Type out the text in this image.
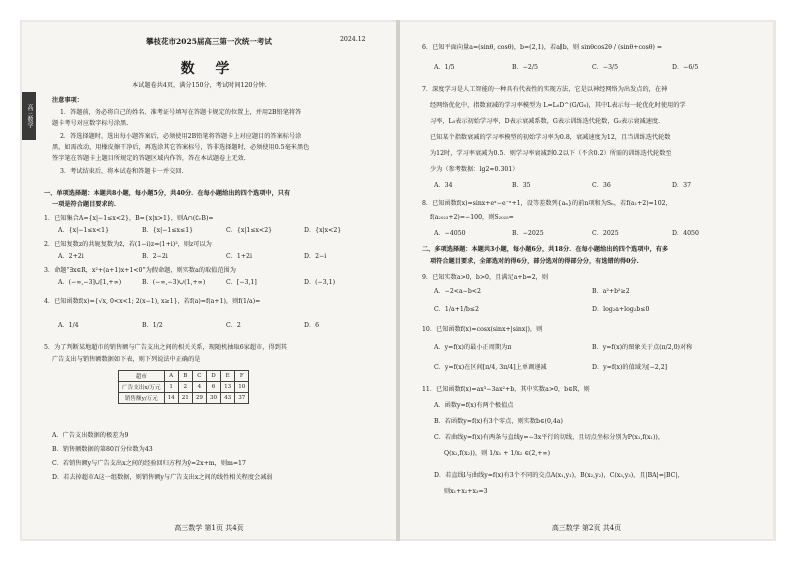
高三数学
攀枝花市2025届高三第一次统一考试	2024.12
数 学
本试题卷共4页，满分150分，考试时间120分钟.
注意事项：
1．答题前，务必将自己的姓名、准考证号填写在答题卡规定的位置上，并用2B铅笔将答
题卡考号对应数字标号涂黑.
2．答选择题时，选出每小题答案后，必须使用2B铅笔将答题卡上对应题目的答案标号涂
黑，如需改动，用橡皮擦干净后，再选涂其它答案标号，答非选择题时，必须使用0.5毫米黑色
签字笔在答题卡上题目所规定的答题区域内作答，答在本试题卷上无效.
3．考试结束后，将本试卷和答题卡一并交回.
一、单项选择题：本题共8小题，每小题5分，共40分．在每小题给出的四个选项中，只有
一项是符合题目要求的.
1．已知集合A={x|−1≤x<2}，B={x|x>1}，则A∩(∁ᵣB)=
A．{x|−1≤x<1}	B．{x|−1≤x≤1}	C．{x|1≤x<2}	D．{x|x<2}
2．已知复数z的共轭复数为z̄，若(1−i)z=(1+i)²，则z可以为
A．2+2i	B．2−2i	C．1+2i	D．2−i
3．命题“∃x∈R，x²+(a+1)x+1<0”为假命题，则实数a的取值范围为
A．(−∞,−3]∪[1,+∞)	B．(−∞,−3)∪(1,+∞)	C．[−3,1]	D．(−3,1)
4．已知函数f(x)={√x, 0<x<1; 2(x−1), x≥1}，若f(a)=f(a+1)，则f(1/a)=
A．1/4	B．1/2	C．2	D．6
5．为了判断某地超市的销售额与广告支出之间的相关关系，现随机抽取6家超市，得到其
广告支出与销售额数据如下表，则下列说法中正确的是
超市	A	B	C	D	E	F
广告支出x/万元	1	2	4	6	13	10
销售额y/万元	14	21	29	30	43	37
A．广告支出数据的极差为9
B．销售额数据的第80百分位数为43
C．若销售额y与广告支出x之间的经验回归方程为ŷ=2x+m，则m=17
D．若去掉超市A这一组数据，则销售额y与广告支出x之间的线性相关程度会减弱
高三数学 第1页 共4页
6．已知平面向量a=(sinθ, cosθ)，b=(2,1)，若a∥b，则 sinθcos2θ / (sinθ+cosθ) =
A．1/5	B．−2/5	C．−3/5	D．−6/5
7．深度学习是人工智能的一种具有代表性的实现方法，它是以神经网络为出发点的，在神
经网络优化中，指数衰减的学习率模型为 L=L₀D^(G/G₀)，其中L表示每一轮优化时使用的学
习率，L₀表示初始学习率，D表示衰减系数，G表示训练迭代轮数，G₀表示衰减速度.
已知某个指数衰减的学习率模型的初始学习率为0.8，衰减速度为12，且当训练迭代轮数
为12时，学习率衰减为0.5．则学习率衰减到0.2以下（不含0.2）所需的训练迭代轮数至
少为（参考数据：lg2≈0.301）
A．34	B．35	C．36	D．37
8．已知函数f(x)=sinx+eˣ−e⁻ˣ+1，设等差数列{aₙ}的前n项和为Sₙ，若f(a₁+2)=102，
f(a₂₀₂₃+2)=−100，则S₂₀₂₅=
A．−4050	B．−2025	C．2025	D．4050
二、多项选择题：本题共3小题，每小题6分，共18分．在每小题给出的四个选项中，有多
项符合题目要求，全部选对的得6分，部分选对的得部分分，有选错的得0分.
9．已知实数a>0，b>0，且满足a+b=2，则
A．−2<a−b<2	B．a²+b²≥2
C．1/a+1/b≤2	D．log₂a+log₂b≤0
10．已知函数f(x)=cosx(sinx+|sinx|)，则
A．y=f(x)的最小正周期为π	B．y=f(x)的图象关于点(π/2,0)对称
C．y=f(x)在区间[π/4, 3π/4]上单调递减	D．y=f(x)的值域为[−2,2]
11．已知函数f(x)=ax³−3ax²+b，其中实数a>0，b∈R，则
A．函数y=f(x)有两个极值点
B．若函数y=f(x)有3个零点，则实数b∈(0,4a)
C．若曲线y=f(x)有两条与直线y=−3x平行的切线，且切点坐标分别为P(x₁,f(x₁))，
Q(x₂,f(x₂))，则 1/x₁ + 1/x₂ ∈(2,+∞)
D．若直线l与曲线y=f(x)有3个不同的交点A(x₁,y₁)，B(x₂,y₂)，C(x₃,y₃)，且|BA|=|BC|，
则x₁+x₂+x₃=3
高三数学 第2页 共4页
